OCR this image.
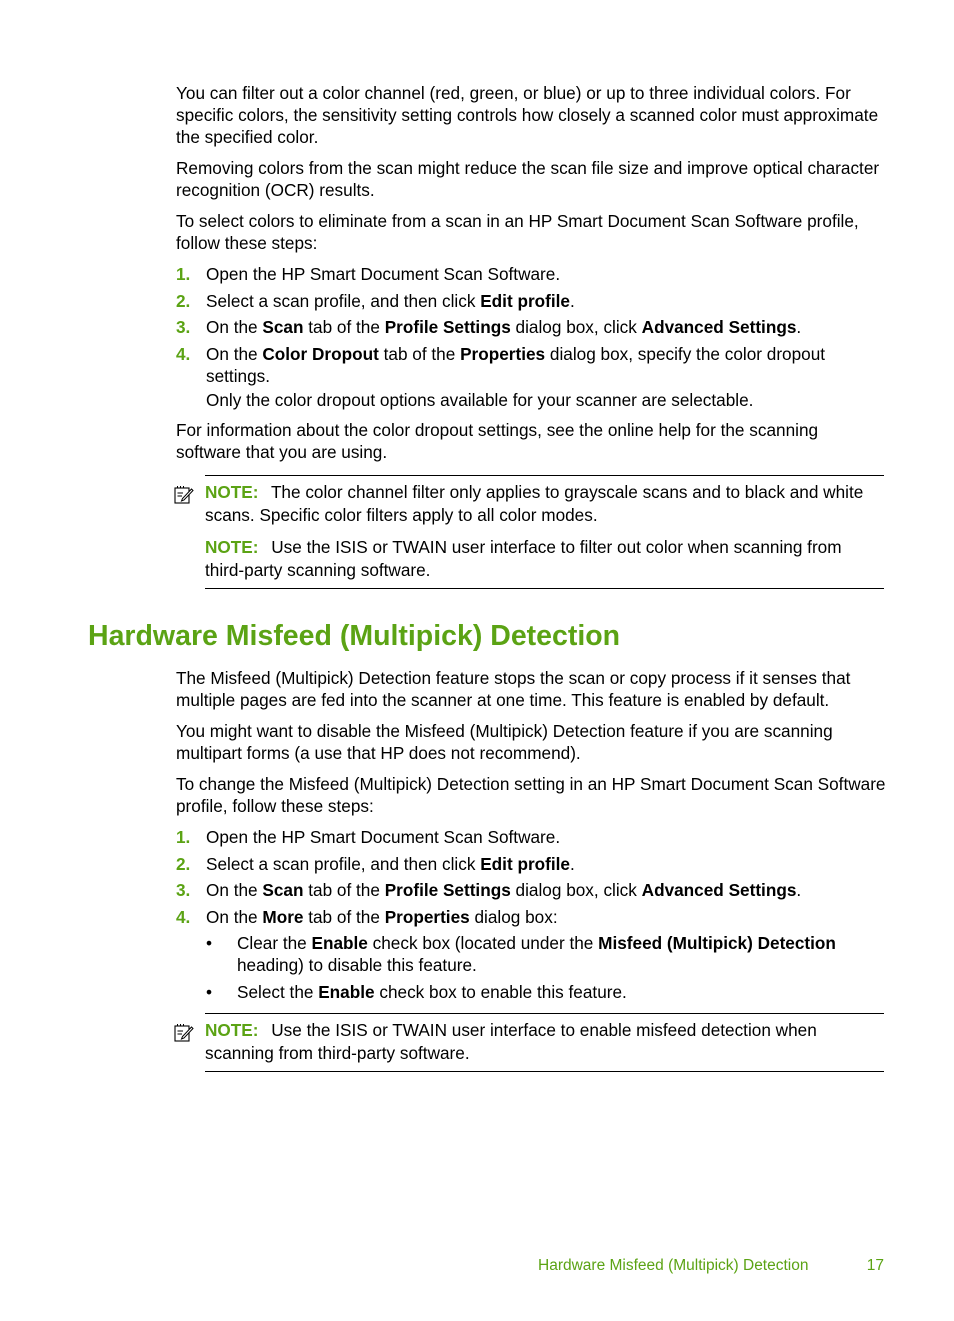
You can filter out a color channel (red, green, or blue) or up to three individual colors. For specific colors, the sensitivity setting controls how closely a scanned color must approximate the specified color.

Removing colors from the scan might reduce the scan file size and improve optical character recognition (OCR) results.

To select colors to eliminate from a scan in an HP Smart Document Scan Software profile, follow these steps:

1. Open the HP Smart Document Scan Software.
2. Select a scan profile, and then click Edit profile.
3. On the Scan tab of the Profile Settings dialog box, click Advanced Settings.
4. On the Color Dropout tab of the Properties dialog box, specify the color dropout settings.
Only the color dropout options available for your scanner are selectable.

For information about the color dropout settings, see the online help for the scanning software that you are using.

NOTE: The color channel filter only applies to grayscale scans and to black and white scans. Specific color filters apply to all color modes.

NOTE: Use the ISIS or TWAIN user interface to filter out color when scanning from third-party scanning software.

Hardware Misfeed (Multipick) Detection

The Misfeed (Multipick) Detection feature stops the scan or copy process if it senses that multiple pages are fed into the scanner at one time. This feature is enabled by default.

You might want to disable the Misfeed (Multipick) Detection feature if you are scanning multipart forms (a use that HP does not recommend).

To change the Misfeed (Multipick) Detection setting in an HP Smart Document Scan Software profile, follow these steps:

1. Open the HP Smart Document Scan Software.
2. Select a scan profile, and then click Edit profile.
3. On the Scan tab of the Profile Settings dialog box, click Advanced Settings.
4. On the More tab of the Properties dialog box:
• Clear the Enable check box (located under the Misfeed (Multipick) Detection heading) to disable this feature.
• Select the Enable check box to enable this feature.

NOTE: Use the ISIS or TWAIN user interface to enable misfeed detection when scanning from third-party software.

Hardware Misfeed (Multipick) Detection	17
